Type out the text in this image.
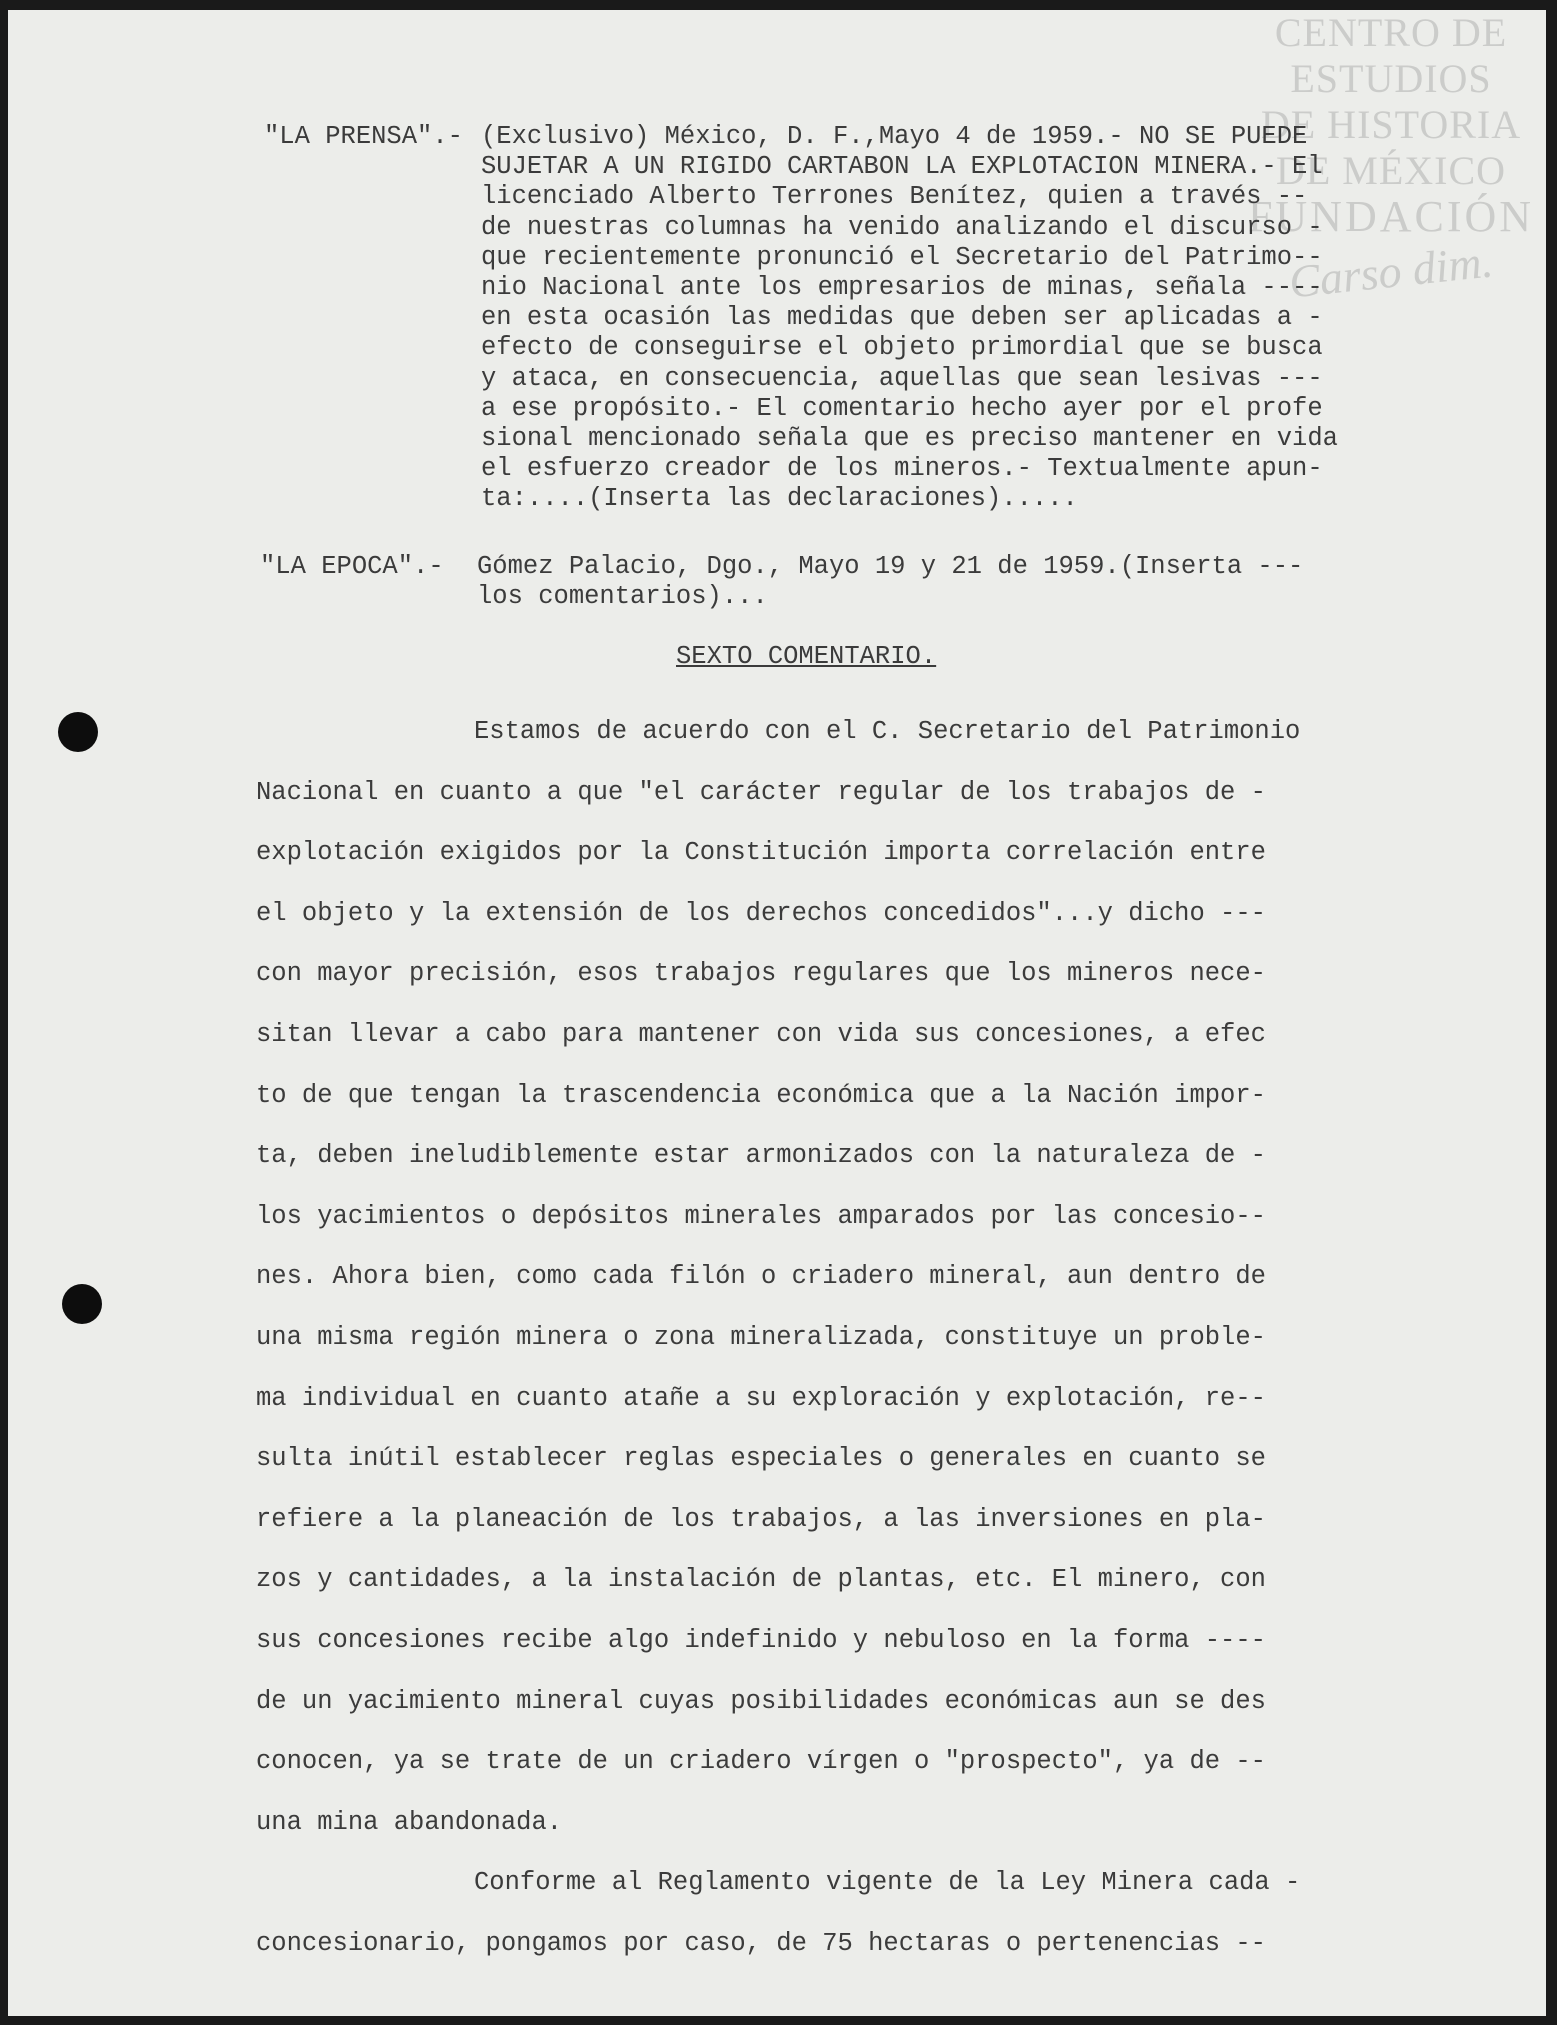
CENTRO DE
ESTUDIOS
DE HISTORIA
DE MÉXICO
FUNDACIÓN
Carso dim.
"LA PRENSA".- (Exclusivo) México, D. F.,Mayo 4 de 1959.- NO SE PUEDE
SUJETAR A UN RIGIDO CARTABON LA EXPLOTACION MINERA.- El
licenciado Alberto Terrones Benítez, quien a través --
de nuestras columnas ha venido analizando el discurso -
que recientemente pronunció el Secretario del Patrimo--
nio Nacional ante los empresarios de minas, señala ----
en esta ocasión las medidas que deben ser aplicadas a -
efecto de conseguirse el objeto primordial que se busca
y ataca, en consecuencia, aquellas que sean lesivas ---
a ese propósito.- El comentario hecho ayer por el profe
sional mencionado señala que es preciso mantener en vida
el esfuerzo creador de los mineros.- Textualmente apun-
ta:....(Inserta las declaraciones).....
"LA EPOCA".- Gómez Palacio, Dgo., Mayo 19 y 21 de 1959.(Inserta ---
los comentarios)...
SEXTO COMENTARIO.
Estamos de acuerdo con el C. Secretario del Patrimonio
Nacional en cuanto a que "el carácter regular de los trabajos de -
explotación exigidos por la Constitución importa correlación entre
el objeto y la extensión de los derechos concedidos"...y dicho ---
con mayor precisión, esos trabajos regulares que los mineros nece-
sitan llevar a cabo para mantener con vida sus concesiones, a efec
to de que tengan la trascendencia económica que a la Nación impor-
ta, deben ineludiblemente estar armonizados con la naturaleza de -
los yacimientos o depósitos minerales amparados por las concesio--
nes. Ahora bien, como cada filón o criadero mineral, aun dentro de
una misma región minera o zona mineralizada, constituye un proble-
ma individual en cuanto atañe a su exploración y explotación, re--
sulta inútil establecer reglas especiales o generales en cuanto se
refiere a la planeación de los trabajos, a las inversiones en pla-
zos y cantidades, a la instalación de plantas, etc. El minero, con
sus concesiones recibe algo indefinido y nebuloso en la forma ----
de un yacimiento mineral cuyas posibilidades económicas aun se des
conocen, ya se trate de un criadero vírgen o "prospecto", ya de --
una mina abandonada.
Conforme al Reglamento vigente de la Ley Minera cada -
concesionario, pongamos por caso, de 75 hectaras o pertenencias --
